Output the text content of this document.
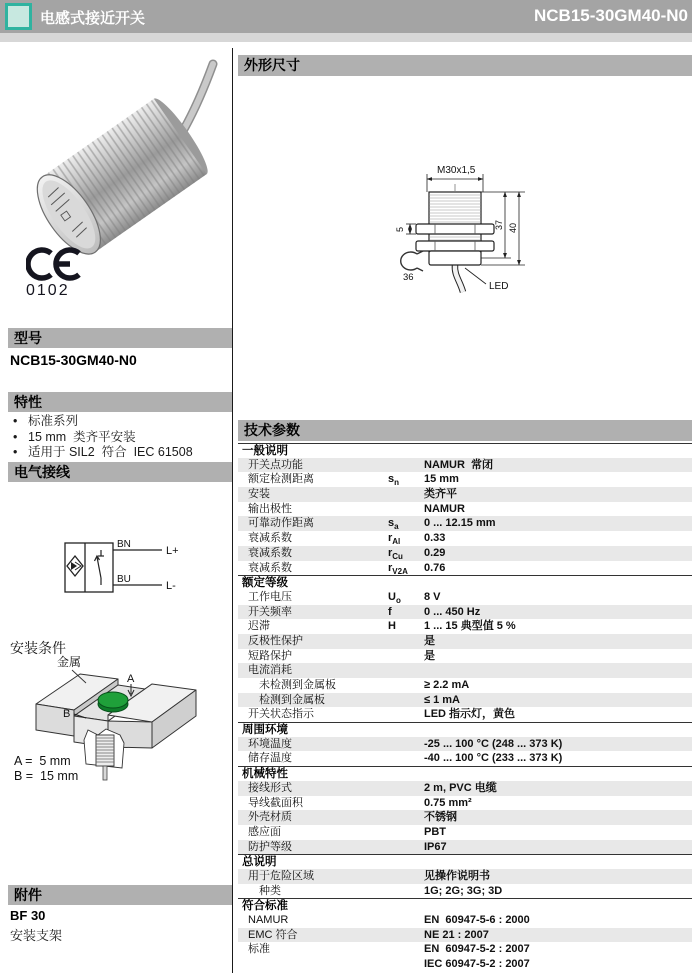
电感式接近开关	NCB15-30GM40-N0
0102
型号
NCB15-30GM40-N0
特性
• 标准系列
• 15 mm  类齐平安装
• 适用于 SIL2  符合  IEC 61508
电气接线
BN
BU
L+
L-
安装条件
金属
A
B
A =  5 mm
B =  15 mm
附件
BF 30
安装支架
外形尺寸
M30x1,5
5	37 40
36
LED
技术参数
一般说明
开关点功能	NAMUR  常闭
额定检测距离	$s_n$	15 mm
安装	类齐平
输出极性	NAMUR
可靠动作距离	$s_a$	0 ... 12.15 mm
衰减系数	$r_{Al}$	0.33
衰减系数	$r_{Cu}$	0.29
衰减系数	$r_{V2A}$	0.76
额定等级
工作电压	$U_o$	8 V
开关频率	f	0 ... 450 Hz
迟滞	H	1 ... 15 典型值 5 %
反极性保护	是
短路保护	是
电流消耗
未检测到金属板	≥ 2.2 mA
检测到金属板	≤ 1 mA
开关状态指示	LED 指示灯，黄色
周围环境
环境温度	-25 ... 100 °C (248 ... 373 K)
储存温度	-40 ... 100 °C (233 ... 373 K)
机械特性
接线形式	2 m, PVC 电缆
导线截面积	0.75 mm²
外壳材质	不锈钢
感应面	PBT
防护等级	IP67
总说明
用于危险区域	见操作说明书
种类	1G; 2G; 3G; 3D
符合标准
NAMUR	EN  60947-5-6 : 2000
EMC 符合	NE 21 : 2007
标准	EN  60947-5-2 : 2007
IEC 60947-5-2 : 2007
